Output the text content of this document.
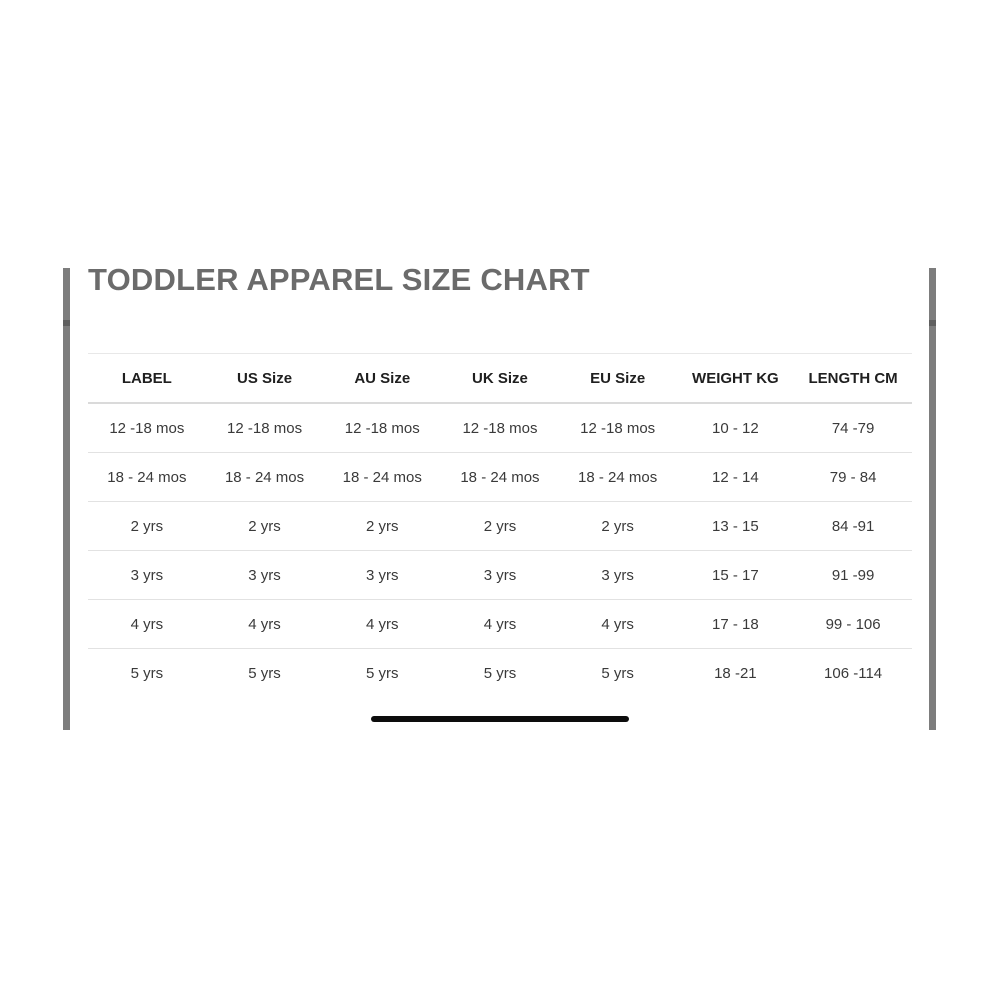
TODDLER APPAREL SIZE CHART
LABEL	US Size	AU Size	UK Size	EU Size	WEIGHT KG	LENGTH CM
12 -18 mos	12 -18 mos	12 -18 mos	12 -18 mos	12 -18 mos	10 - 12	74 -79
18 - 24 mos	18 - 24 mos	18 - 24 mos	18 - 24 mos	18 - 24 mos	12 - 14	79 - 84
2 yrs	2 yrs	2 yrs	2 yrs	2 yrs	13 - 15	84 -91
3 yrs	3 yrs	3 yrs	3 yrs	3 yrs	15 - 17	91 -99
4 yrs	4 yrs	4 yrs	4 yrs	4 yrs	17 - 18	99 - 106
5 yrs	5 yrs	5 yrs	5 yrs	5 yrs	18 -21	106 -114
